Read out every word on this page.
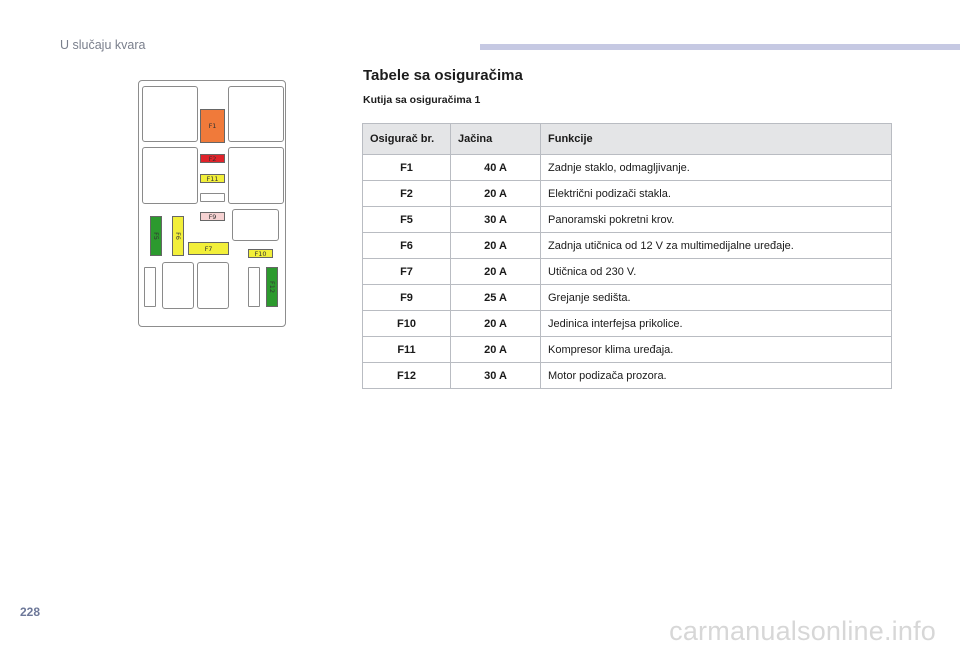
U slučaju kvara
F1
F2
F11
F9
F5 F6
F7
F10
F12
Tabele sa osiguračima
Kutija sa osiguračima 1
Osigurač br.	Jačina	Funkcije
F1	40 A	Zadnje staklo, odmagljivanje.
F2	20 A	Električni podizači stakla.
F5	30 A	Panoramski pokretni krov.
F6	20 A	Zadnja utičnica od 12 V za multimedijalne uređaje.
F7	20 A	Utičnica od 230 V.
F9	25 A	Grejanje sedišta.
F10	20 A	Jedinica interfejsa prikolice.
F11	20 A	Kompresor klima uređaja.
F12	30 A	Motor podizača prozora.
228
carmanualsonline.info
